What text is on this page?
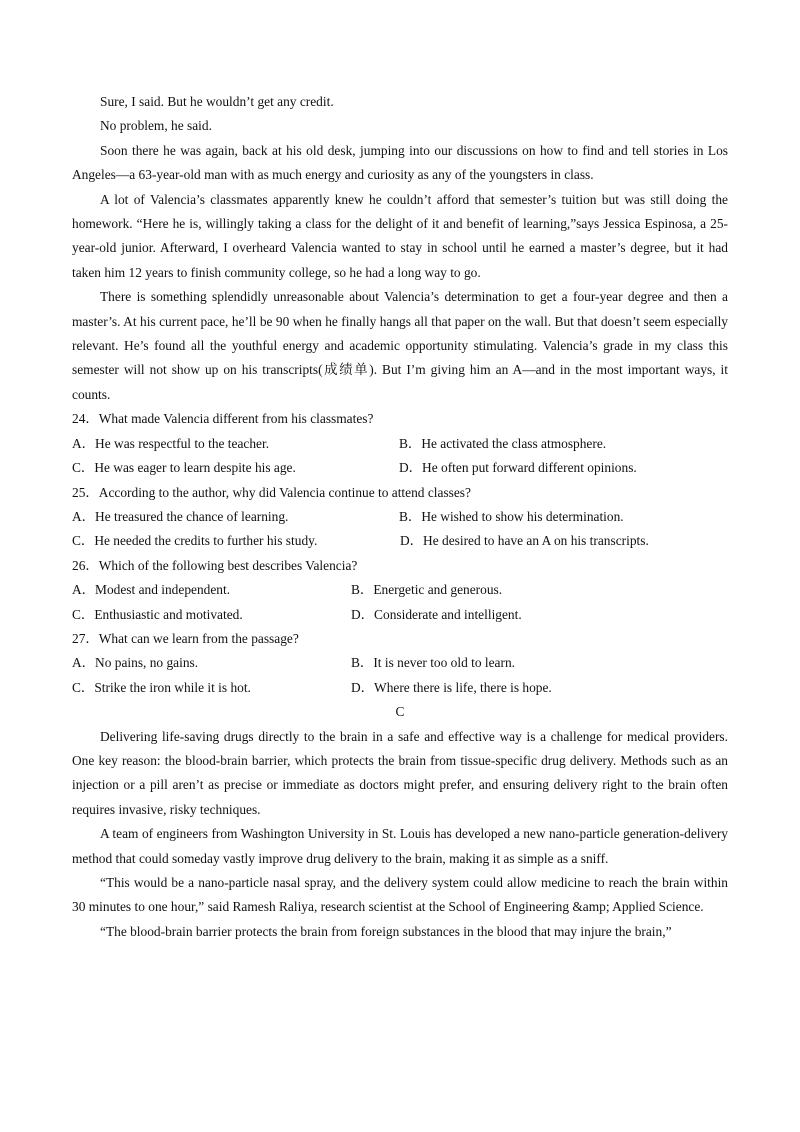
Sure, I said. But he wouldn’t get any credit.

No problem, he said.

Soon there he was again, back at his old desk, jumping into our discussions on how to find and tell stories in Los Angeles—a 63-year-old man with as much energy and curiosity as any of the youngsters in class.

A lot of Valencia’s classmates apparently knew he couldn’t afford that semester’s tuition but was still doing the homework. “Here he is, willingly taking a class for the delight of it and benefit of learning,”says Jessica Espinosa, a 25-year-old junior. Afterward, I overheard Valencia wanted to stay in school until he earned a master’s degree, but it had taken him 12 years to finish community college, so he had a long way to go.

There is something splendidly unreasonable about Valencia’s determination to get a four-year degree and then a master’s. At his current pace, he’ll be 90 when he finally hangs all that paper on the wall. But that doesn’t seem especially relevant. He’s found all the youthful energy and academic opportunity stimulating. Valencia’s grade in my class this semester will not show up on his transcripts(成绩单). But I’m giving him an A—and in the most important ways, it counts.

24．What made Valencia different from his classmates?

A．He was respectful to the teacher.	B．He activated the class atmosphere.
C．He was eager to learn despite his age.	D．He often put forward different opinions.

25．According to the author, why did Valencia continue to attend classes?

A．He treasured the chance of learning.	B．He wished to show his determination.
C．He needed the credits to further his study.	D．He desired to have an A on his transcripts.

26．Which of the following best describes Valencia?

A．Modest and independent.	B．Energetic and generous.
C．Enthusiastic and motivated.	D．Considerate and intelligent.

27．What can we learn from the passage?

A．No pains, no gains.	B．It is never too old to learn.
C．Strike the iron while it is hot.	D．Where there is life, there is hope.

C

Delivering life-saving drugs directly to the brain in a safe and effective way is a challenge for medical providers. One key reason: the blood-brain barrier, which protects the brain from tissue-specific drug delivery. Methods such as an injection or a pill aren’t as precise or immediate as doctors might prefer, and ensuring delivery right to the brain often requires invasive, risky techniques.

A team of engineers from Washington University in St. Louis has developed a new nano-particle generation-delivery method that could someday vastly improve drug delivery to the brain, making it as simple as a sniff.

“This would be a nano-particle nasal spray, and the delivery system could allow medicine to reach the brain within 30 minutes to one hour,” said Ramesh Raliya, research scientist at the School of Engineering &amp; Applied Science.

“The blood-brain barrier protects the brain from foreign substances in the blood that may injure the brain,”
